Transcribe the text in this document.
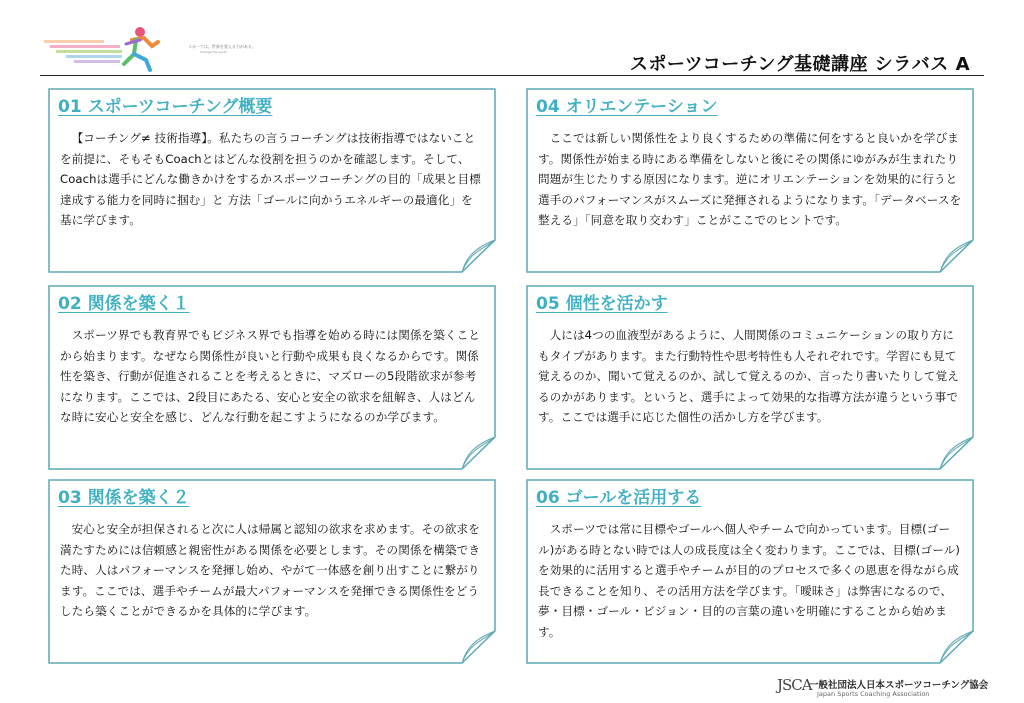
スポーツは、世界を変える力がある。
Change the world
スポーツコーチング基礎講座 シラバス A
01 スポーツコーチング概要
【コーチング≠ 技術指導】。私たちの言うコーチングは技術指導ではないことを前提に、そもそもCoachとはどんな役割を担うのかを確認します。そして、Coachは選手にどんな働きかけをするかスポーツコーチングの目的「成果と目標達成する能力を同時に掴む」と 方法「ゴールに向かうエネルギーの最適化」を基に学びます。
04 オリエンテーション
ここでは新しい関係性をより良くするための準備に何をすると良いかを学びます。関係性が始まる時にある準備をしないと後にその関係にゆがみが生まれたり問題が生じたりする原因になります。逆にオリエンテーションを効果的に行うと選手のパフォーマンスがスムーズに発揮されるようになります。「データベースを整える」「同意を取り交わす」ことがここでのヒントです。
02 関係を築く１
スポーツ界でも教育界でもビジネス界でも指導を始める時には関係を築くことから始まります。なぜなら関係性が良いと行動や成果も良くなるからです。関係性を築き、行動が促進されることを考えるときに、マズローの5段階欲求が参考になります。ここでは、2段目にあたる、安心と安全の欲求を紐解き、人はどんな時に安心と安全を感じ、どんな行動を起こすようになるのか学びます。
05 個性を活かす
人には4つの血液型があるように、人間関係のコミュニケーションの取り方にもタイプがあります。また行動特性や思考特性も人それぞれです。学習にも見て覚えるのか、聞いて覚えるのか、試して覚えるのか、言ったり書いたりして覚えるのかがあります。というと、選手によって効果的な指導方法が違うという事です。ここでは選手に応じた個性の活かし方を学びます。
03 関係を築く２
安心と安全が担保されると次に人は帰属と認知の欲求を求めます。その欲求を満たすためには信頼感と親密性がある関係を必要とします。その関係を構築できた時、人はパフォーマンスを発揮し始め、やがて一体感を創り出すことに繋がります。ここでは、選手やチームが最大パフォーマンスを発揮できる関係性をどうしたら築くことができるかを具体的に学びます。
06 ゴールを活用する
スポーツでは常に目標やゴールへ個人やチームで向かっています。目標(ゴール)がある時とない時では人の成長度は全く変わります。ここでは、目標(ゴール)を効果的に活用すると選手やチームが目的のプロセスで多くの恩恵を得ながら成長できることを知り、その活用方法を学びます。「曖昧さ」は弊害になるので、夢・目標・ゴール・ビジョン・目的の言葉の違いを明確にすることから始めます。
JSCA
一般社団法人日本スポーツコーチング協会
Japan Sports Coaching Association
